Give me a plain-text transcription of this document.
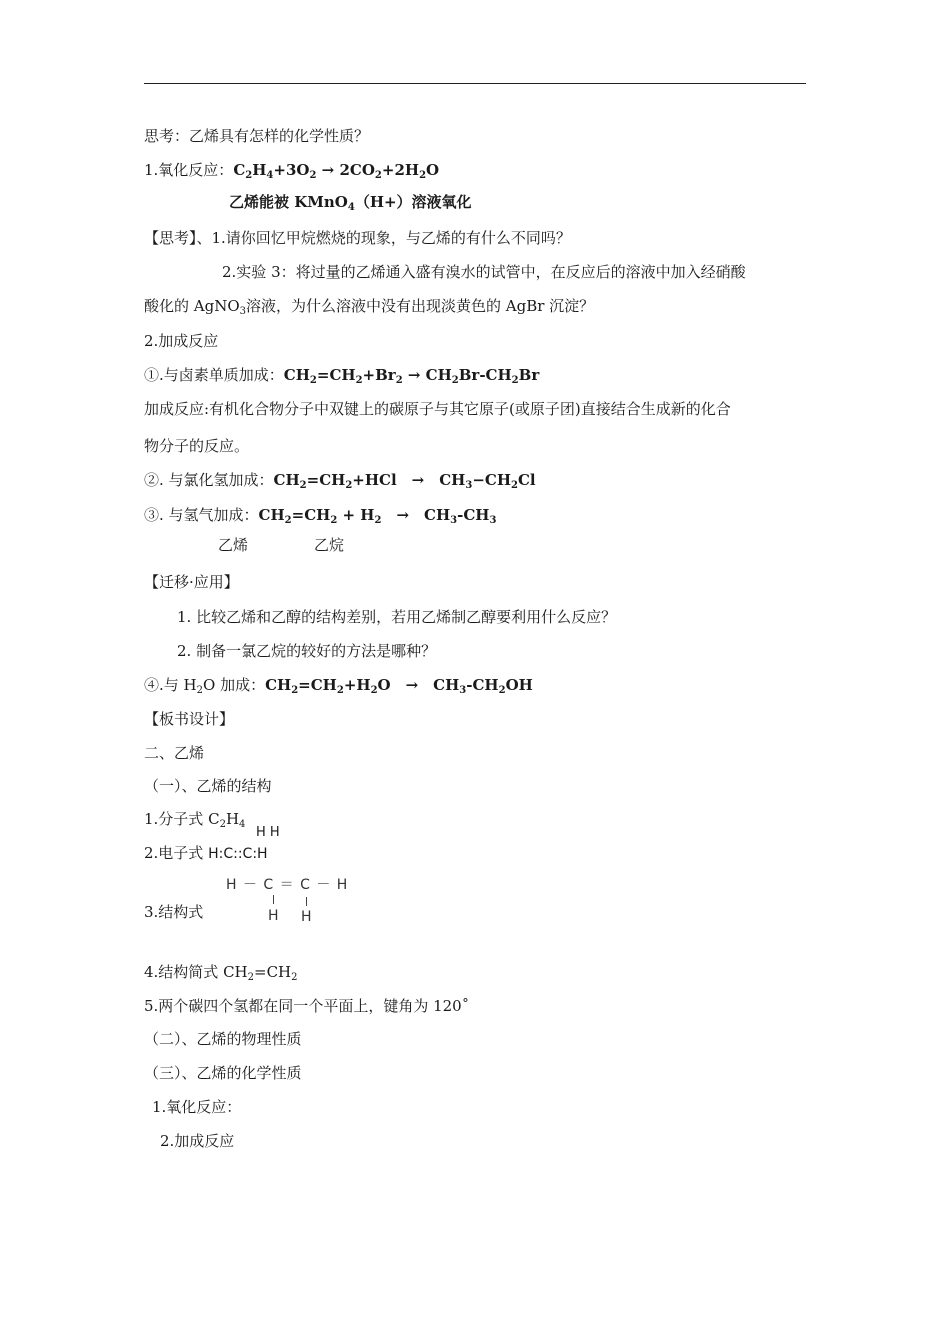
思考：乙烯具有怎样的化学性质？
1.氧化反应：$C_2H_4+3O_2 \to 2CO_2+2H_2O$
乙烯能被 KMnO$_4$（H+）溶液氧化
【思考】、1.请你回忆甲烷燃烧的现象，与乙烯的有什么不同吗？
2.实验 3：将过量的乙烯通入盛有溴水的试管中，在反应后的溶液中加入经硝酸
酸化的 AgNO$_3$溶液，为什么溶液中没有出现淡黄色的 AgBr 沉淀？
2.加成反应
①.与卤素单质加成：$CH_2=CH_2+Br_2 \to CH_2Br-CH_2Br$
加成反应:有机化合物分子中双键上的碳原子与其它原子(或原子团)直接结合生成新的化合
物分子的反应。
②. 与氯化氢加成：$CH_2=CH_2+HCl$　→　$CH_3-CH_2Cl$
③. 与氢气加成：$CH_2=CH_2 + H_2$　→　$CH_3-CH_3$
乙烯	乙烷
【迁移·应用】
1. 比较乙烯和乙醇的结构差别，若用乙烯制乙醇要利用什么反应？
2. 制备一氯乙烷的较好的方法是哪种？
④.与 $H_2O$ 加成：$CH_2=CH_2+H_2O$　→　$CH_3-CH_2OH$
【板书设计】
二、乙烯
（一）、乙烯的结构
1.分子式 $C_2H_4$
H H
2.电子式 H:C::C:H
H － C ＝ C － H
H H
3.结构式
4.结构简式 $CH_2=CH_2$
5.两个碳四个氢都在同一个平面上，键角为 120˚
（二）、乙烯的物理性质
（三）、乙烯的化学性质
1.氧化反应：
2.加成反应
